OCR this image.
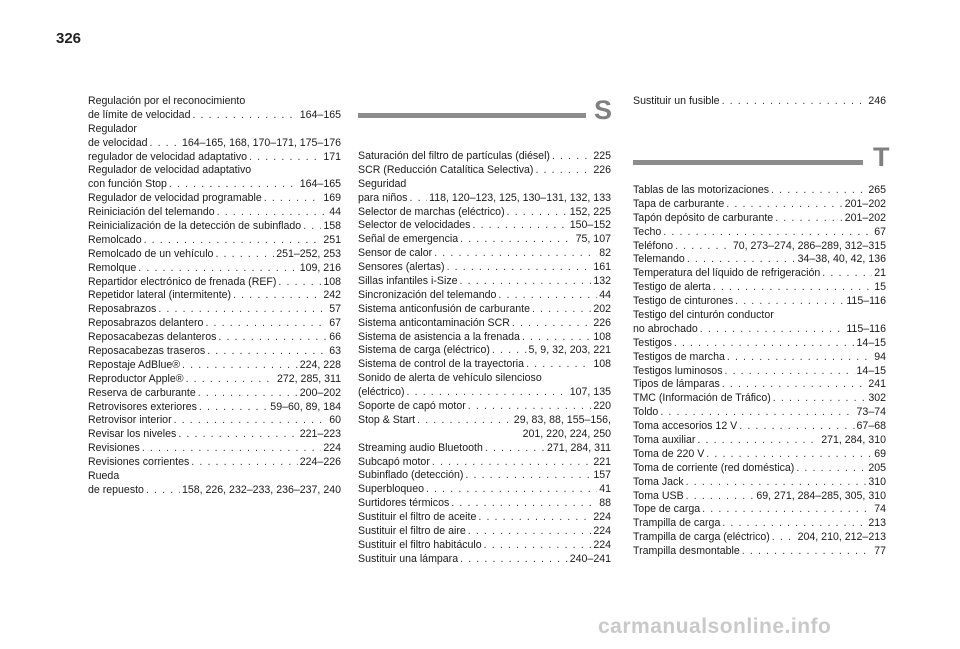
326
Regulación por el reconocimiento
de límite de velocidad . . .	164–165
Regulador
de velocidad . . .	164–165, 168, 170–171, 175–176
regulador de velocidad adaptativo . . .	171
Regulador de velocidad adaptativo
con función Stop . . .	164–165
Regulador de velocidad programable . . .	169
Reiniciación del telemando . . .	44
Reinicialización de la detección de subinflado . . . 158
Remolcado . . .	251
Remolcado de un vehículo . . .	251–252, 253
Remolque . . .	109, 216
Repartidor electrónico de frenada (REF) . . .	108
Repetidor lateral (intermitente) . . .	242
Reposabrazos . . .	57
Reposabrazos delantero . . .	67
Reposacabezas delanteros . . .	66
Reposacabezas traseros . . .	63
Repostaje AdBlue® . . .	224, 228
Reproductor Apple® . . .	272, 285, 311
Reserva de carburante . . .	200–202
Retrovisores exteriores . . .	59–60, 89, 184
Retrovisor interior . . .	60
Revisar los niveles . . .	221–223
Revisiones . . .	224
Revisiones corrientes . . .	224–226
Rueda
de repuesto . . .	158, 226, 232–233, 236–237, 240
S
Saturación del filtro de partículas (diésel) . . .	225
SCR (Reducción Catalítica Selectiva) . . .	226
Seguridad
para niños . . . 118, 120–123, 125, 130–131, 132, 133
Selector de marchas (eléctrico) . . .	152, 225
Selector de velocidades . . .	150–152
Señal de emergencia . . .	75, 107
Sensor de calor . . .	82
Sensores (alertas) . . .	161
Sillas infantiles i-Size . . .	132
Sincronización del telemando . . .	44
Sistema anticonfusión de carburante . . .	202
Sistema anticontaminación SCR . . .	226
Sistema de asistencia a la frenada . . .	108
Sistema de carga (eléctrico) . . .	5, 9, 32, 203, 221
Sistema de control de la trayectoria . . .	108
Sonido de alerta de vehículo silencioso
(eléctrico) . . .	107, 135
Soporte de capó motor . . .	220
Stop & Start . . .	29, 83, 88, 155–156,
201, 220, 224, 250
Streaming audio Bluetooth . . .	271, 284, 311
Subcapó motor . . .	221
Subinflado (detección) . . .	157
Superbloqueo . . .	41
Surtidores térmicos . . .	88
Sustituir el filtro de aceite . . .	224
Sustituir el filtro de aire . . .	224
Sustituir el filtro habitáculo . . .	224
Sustituir una lámpara . . .	240–241
Sustituir un fusible . . .	246
T
Tablas de las motorizaciones . . .	265
Tapa de carburante . . .	201–202
Tapón depósito de carburante . . .	201–202
Techo . . .	67
Teléfono . . .	70, 273–274, 286–289, 312–315
Telemando . . .	34–38, 40, 42, 136
Temperatura del líquido de refrigeración . . .	21
Testigo de alerta . . .	15
Testigo de cinturones . . .	115–116
Testigo del cinturón conductor
no abrochado . . .	115–116
Testigos . . .	14–15
Testigos de marcha . . .	94
Testigos luminosos . . .	14–15
Tipos de lámparas . . .	241
TMC (Información de Tráfico) . . .	302
Toldo . . .	73–74
Toma accesorios 12 V . . .	67–68
Toma auxiliar . . .	271, 284, 310
Toma de 220 V . . .	69
Toma de corriente (red doméstica) . . .	205
Toma Jack . . .	310
Toma USB . . .	69, 271, 284–285, 305, 310
Tope de carga . . .	74
Trampilla de carga . . .	213
Trampilla de carga (eléctrico) . . .	204, 210, 212–213
Trampilla desmontable . . .	77
carmanualsonline.info
